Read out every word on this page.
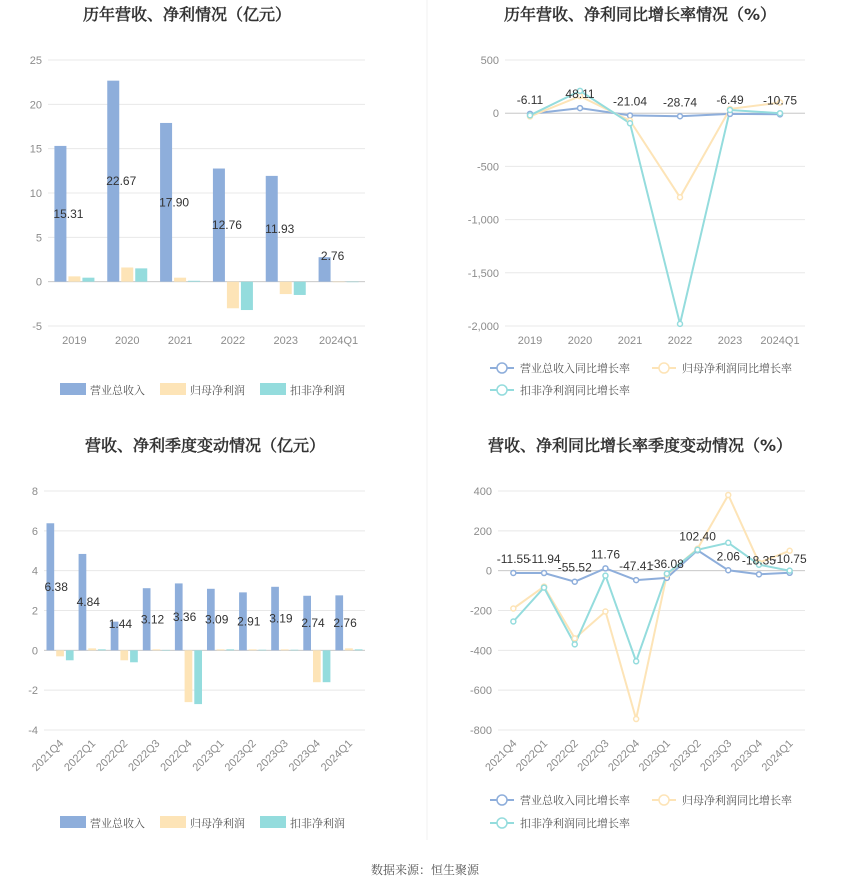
历年营收、净利情况（亿元）
-5
0
5
10
15
20
25
2019	2020	2021	2022	2023 2024Q1
15.31
22.67
17.90
12.76 11.93
2.76
营业总收入	归母净利润	扣非净利润
历年营收、净利同比增长率情况（%）
-2,000
-1,500
-1,000
-500
0
500
2019 2020 2021 2022 2023 2024Q1
-6.11 48.11
-21.04 -28.74 -6.49 -10.75
营业总收入同比增长率	归母净利润同比增长率
扣非净利润同比增长率
营收、净利季度变动情况（亿元）
-4
-2
0
2
4
6
8
2021Q4
2022Q1
2022Q2
2022Q3
2022Q4
2023Q1
2023Q2
2023Q3
2023Q4
2024Q1
6.38
4.84
1.44 3.12 3.36 3.09 2.91 3.19 2.74 2.76
营业总收入	归母净利润	扣非净利润
营收、净利同比增长率季度变动情况（%）
-800
-600
-400
-200
0
200
400
2021Q4
2022Q1
2022Q2
2022Q3
2022Q4
2023Q1
2023Q2
2023Q3
2023Q4
2024Q1
-11.55
-11.94
-55.52
11.76
-47.41
-36.08
102.40
2.06 -18.35
-10.75
营业总收入同比增长率	归母净利润同比增长率
扣非净利润同比增长率
数据来源：恒生聚源
